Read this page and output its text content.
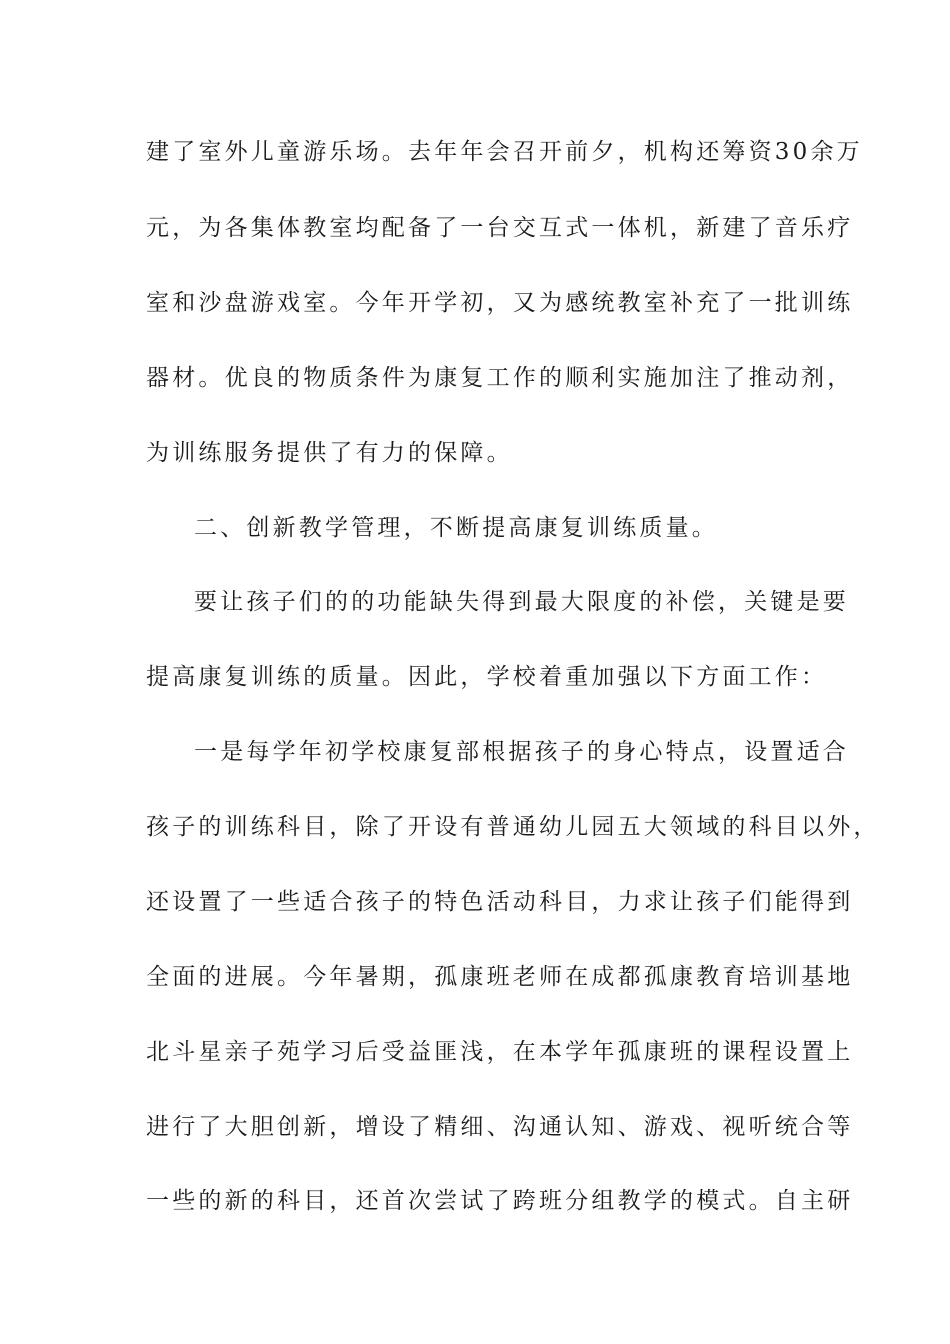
建了室外儿童游乐场。去年年会召开前夕，机构还筹资30余万
元，为各集体教室均配备了一台交互式一体机，新建了音乐疗
室和沙盘游戏室。今年开学初，又为感统教室补充了一批训练
器材。优良的物质条件为康复工作的顺利实施加注了推动剂，
为训练服务提供了有力的保障。
二、创新教学管理，不断提高康复训练质量。
要让孩子们的的功能缺失得到最大限度的补偿，关键是要
提高康复训练的质量。因此，学校着重加强以下方面工作：
一是每学年初学校康复部根据孩子的身心特点，设置适合
孩子的训练科目，除了开设有普通幼儿园五大领域的科目以外，
还设置了一些适合孩子的特色活动科目，力求让孩子们能得到
全面的进展。今年暑期，孤康班老师在成都孤康教育培训基地
北斗星亲子苑学习后受益匪浅，在本学年孤康班的课程设置上
进行了大胆创新，增设了精细、沟通认知、游戏、视听统合等
一些的新的科目，还首次尝试了跨班分组教学的模式。自主研
